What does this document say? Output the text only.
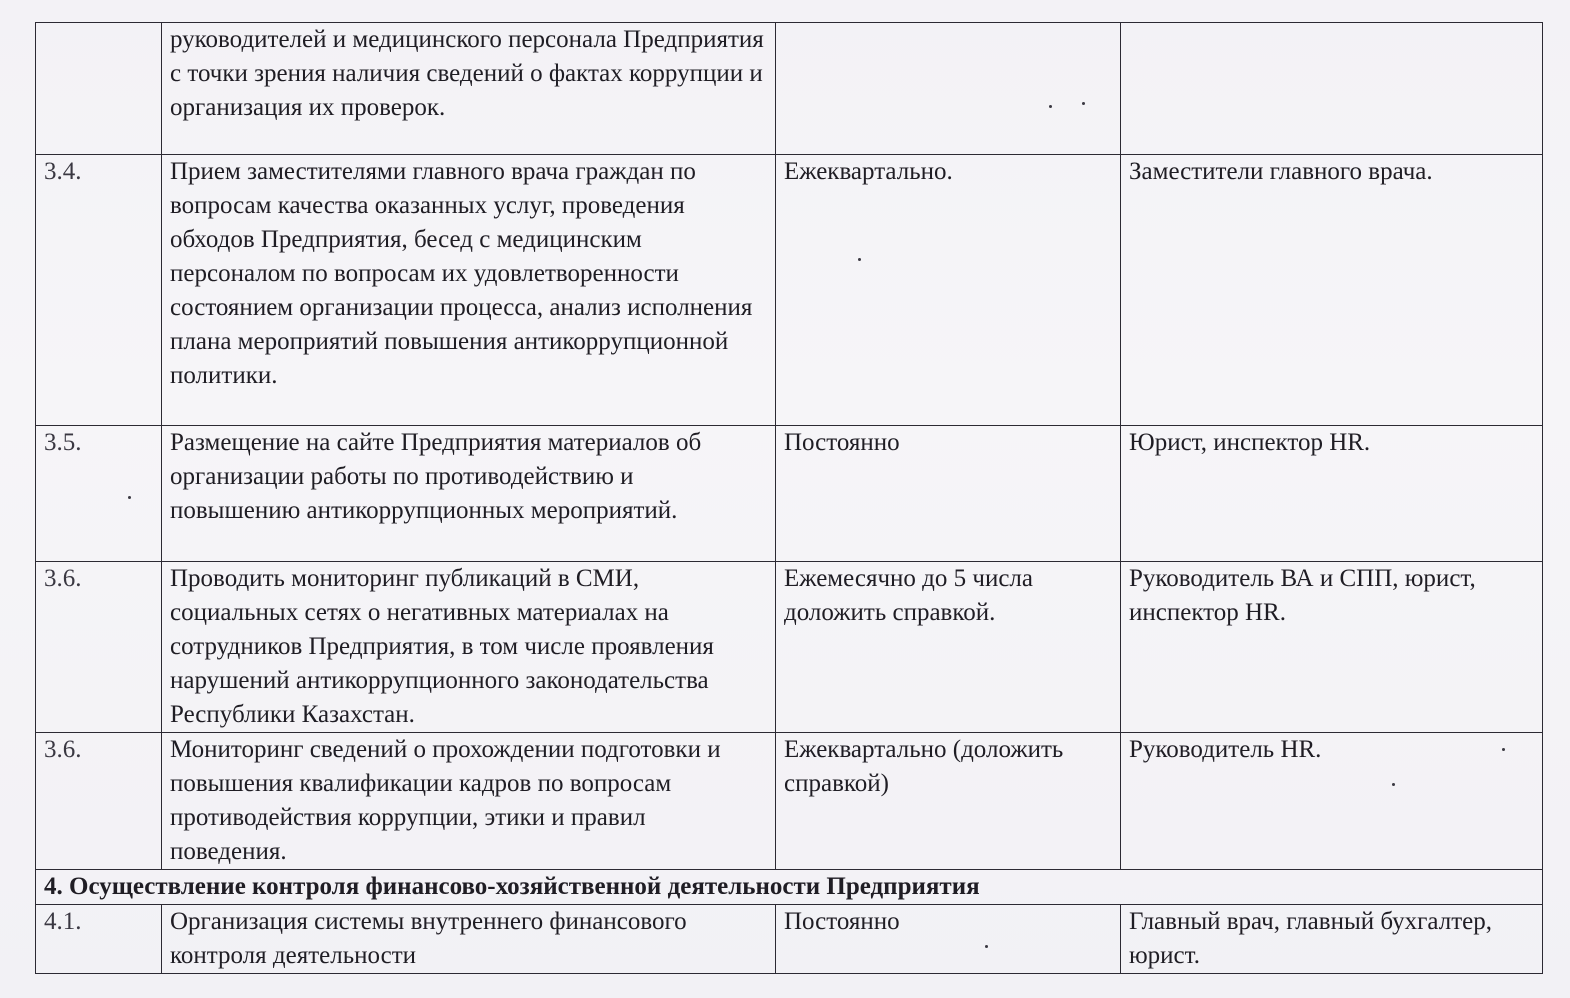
	руководителей и медицинского персонала Предприятия с точки зрения наличия сведений о фактах коррупции и организация их проверок.		
3.4.	Прием заместителями главного врача граждан по вопросам качества оказанных услуг, проведения обходов Предприятия, бесед с медицинским персоналом по вопросам их удовлетворенности состоянием организации процесса, анализ исполнения плана мероприятий повышения антикоррупционной политики.	Ежеквартально.	Заместители главного врача.
3.5.	Размещение на сайте Предприятия материалов об организации работы по противодействию и повышению антикоррупционных мероприятий.	Постоянно	Юрист, инспектор HR.
3.6.	Проводить мониторинг публикаций в СМИ, социальных сетях о негативных материалах на сотрудников Предприятия, в том числе проявления нарушений антикоррупционного законодательства Республики Казахстан.	Ежемесячно до 5 числа доложить справкой.	Руководитель ВА и СПП, юрист, инспектор HR.
3.6.	Мониторинг сведений о прохождении подготовки и повышения квалификации кадров по вопросам противодействия коррупции, этики и правил поведения.	Ежеквартально (доложить справкой)	Руководитель HR.
4. Осуществление контроля финансово-хозяйственной деятельности Предприятия			
4.1.	Организация системы внутреннего финансового контроля деятельности	Постоянно	Главный врач, главный бухгалтер, юрист.
